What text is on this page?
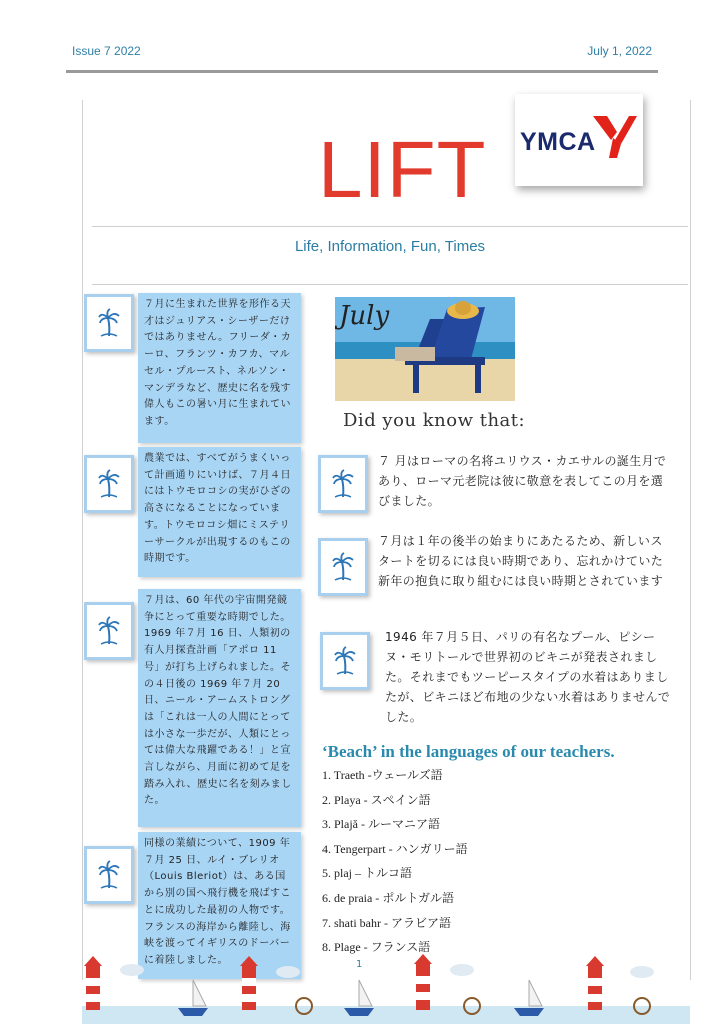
Issue 7 2022	July 1, 2022
LIFT YMCA
Life, Information, Fun, Times
７月に生まれた世界を形作る天才はジュリアス・シーザーだけではありません。フリーダ・カーロ、フランツ・カフカ、マルセル・プルースト、ネルソン・マンデラなど、歴史に名を残す偉人もこの暑い月に生まれています。
農業では、すべてがうまくいって計画通りにいけば、７月４日にはトウモロコシの実がひざの高さになることになっています。トウモロコシ畑にミステリーサークルが出現するのもこの時期です。
７月は、60 年代の宇宙開発競争にとって重要な時期でした。1969 年７月 16 日、人類初の有人月探査計画「アポロ 11 号」が打ち上げられました。その４日後の 1969 年７月 20 日、ニール・アームストロングは「これは一人の人間にとっては小さな一歩だが、人類にとっては偉大な飛躍である！」と宣言しながら、月面に初めて足を踏み入れ、歴史に名を刻みました。
同様の業績について、1909 年７月 25 日、ルイ・ブレリオ（Louis Bleriot）は、ある国から別の国へ飛行機を飛ばすことに成功した最初の人物です。フランスの海岸から離陸し、海峡を渡ってイギリスのドーバーに着陸しました。
July
Did you know that:
７ 月はローマの名将ユリウス・カエサルの誕生月であり、ローマ元老院は彼に敬意を表してこの月を選びました。
７月は１年の後半の始まりにあたるため、新しいスタートを切るには良い時期であり、忘れかけていた新年の抱負に取り組むには良い時期とされています
1946 年７月５日、パリの有名なプール、ピシーヌ・モリトールで世界初のビキニが発表されました。それまでもツーピースタイプの水着はありましたが、ビキニほど布地の少ない水着はありませんでした。
‘Beach’ in the languages of our teachers.
1. Traeth -ウェールズ語
2. Playa - スペイン語
3. Plajă - ルーマニア語
4. Tengerpart - ハンガリー語
5. plaj – トルコ語
6. de praia - ポルトガル語
7. shati bahr - アラビア語
8. Plage - フランス語
1
